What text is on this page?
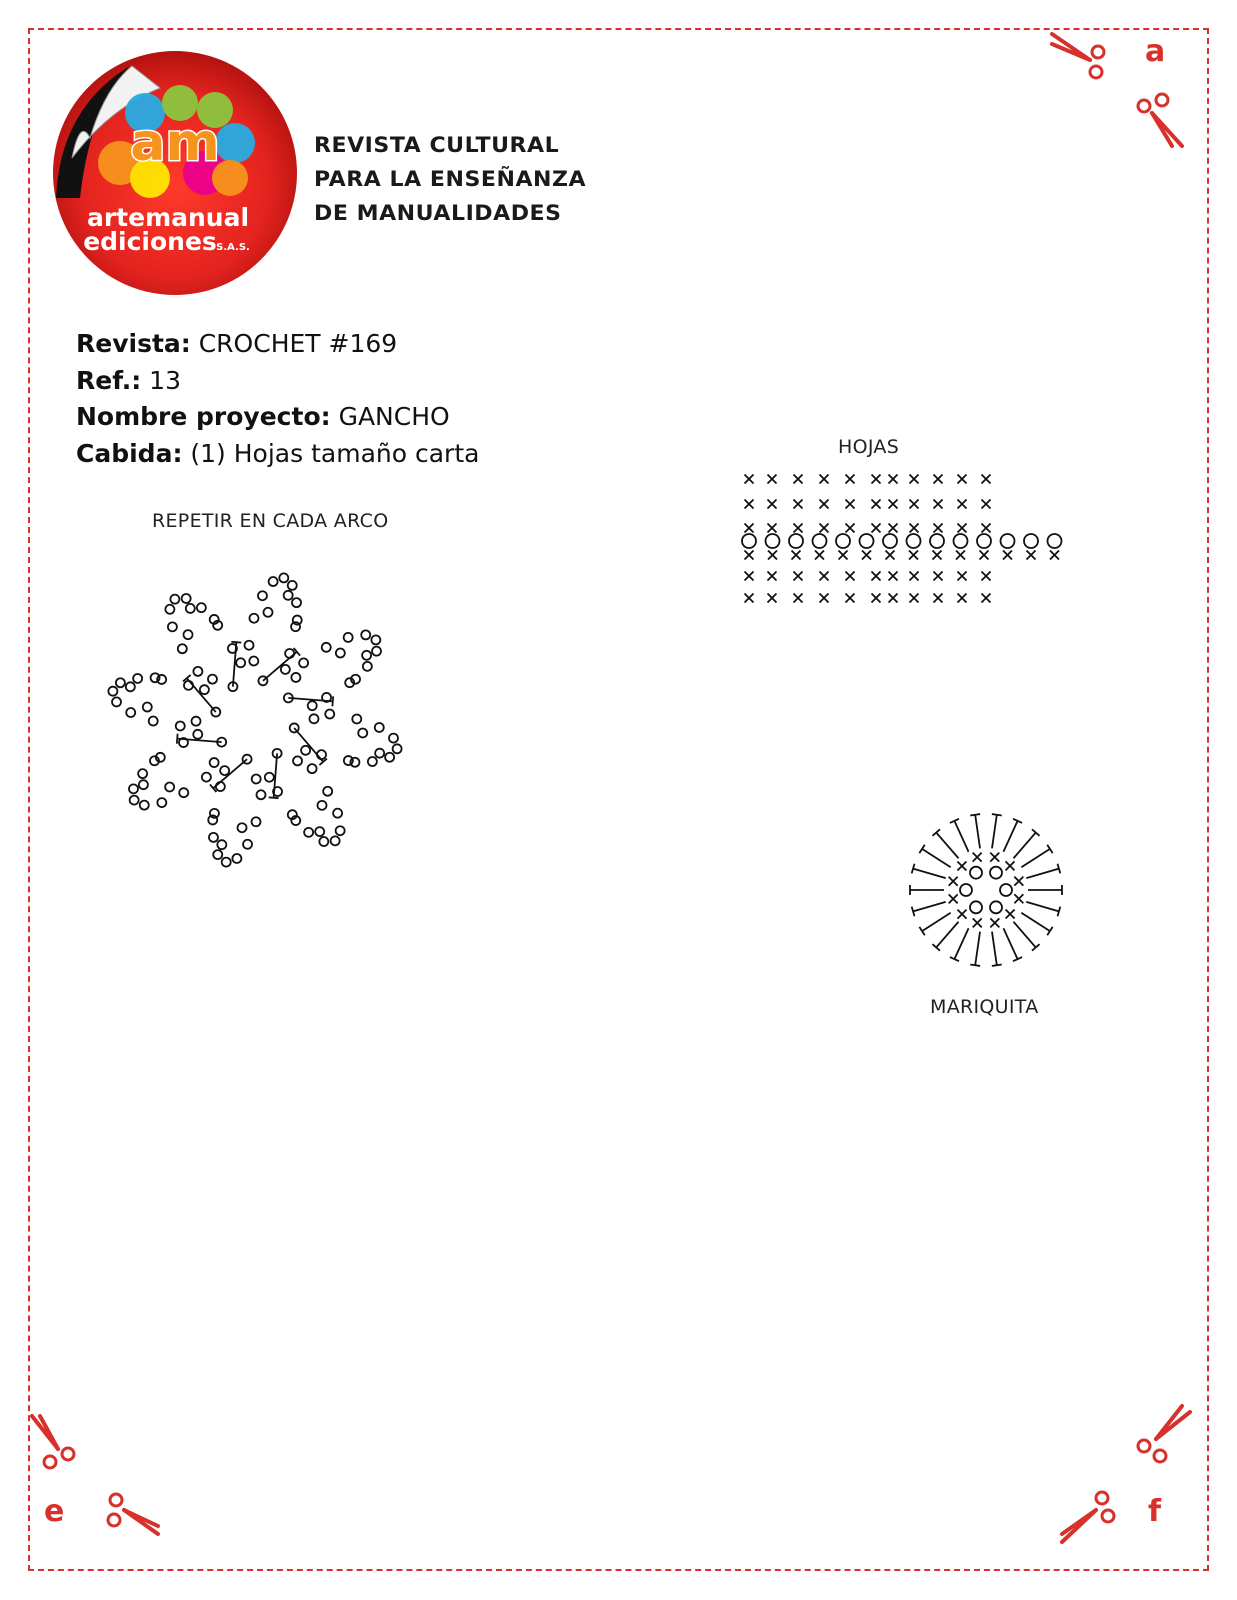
am
artemanual
ediciones S.A.S.
REVISTA CULTURAL
PARA LA ENSEÑANZA
DE MANUALIDADES
Revista: CROCHET #169
Ref.: 13
Nombre proyecto: GANCHO
Cabida: (1) Hojas tamaño carta
REPETIR EN CADA ARCO
HOJAS
MARIQUITA
a
e	f
